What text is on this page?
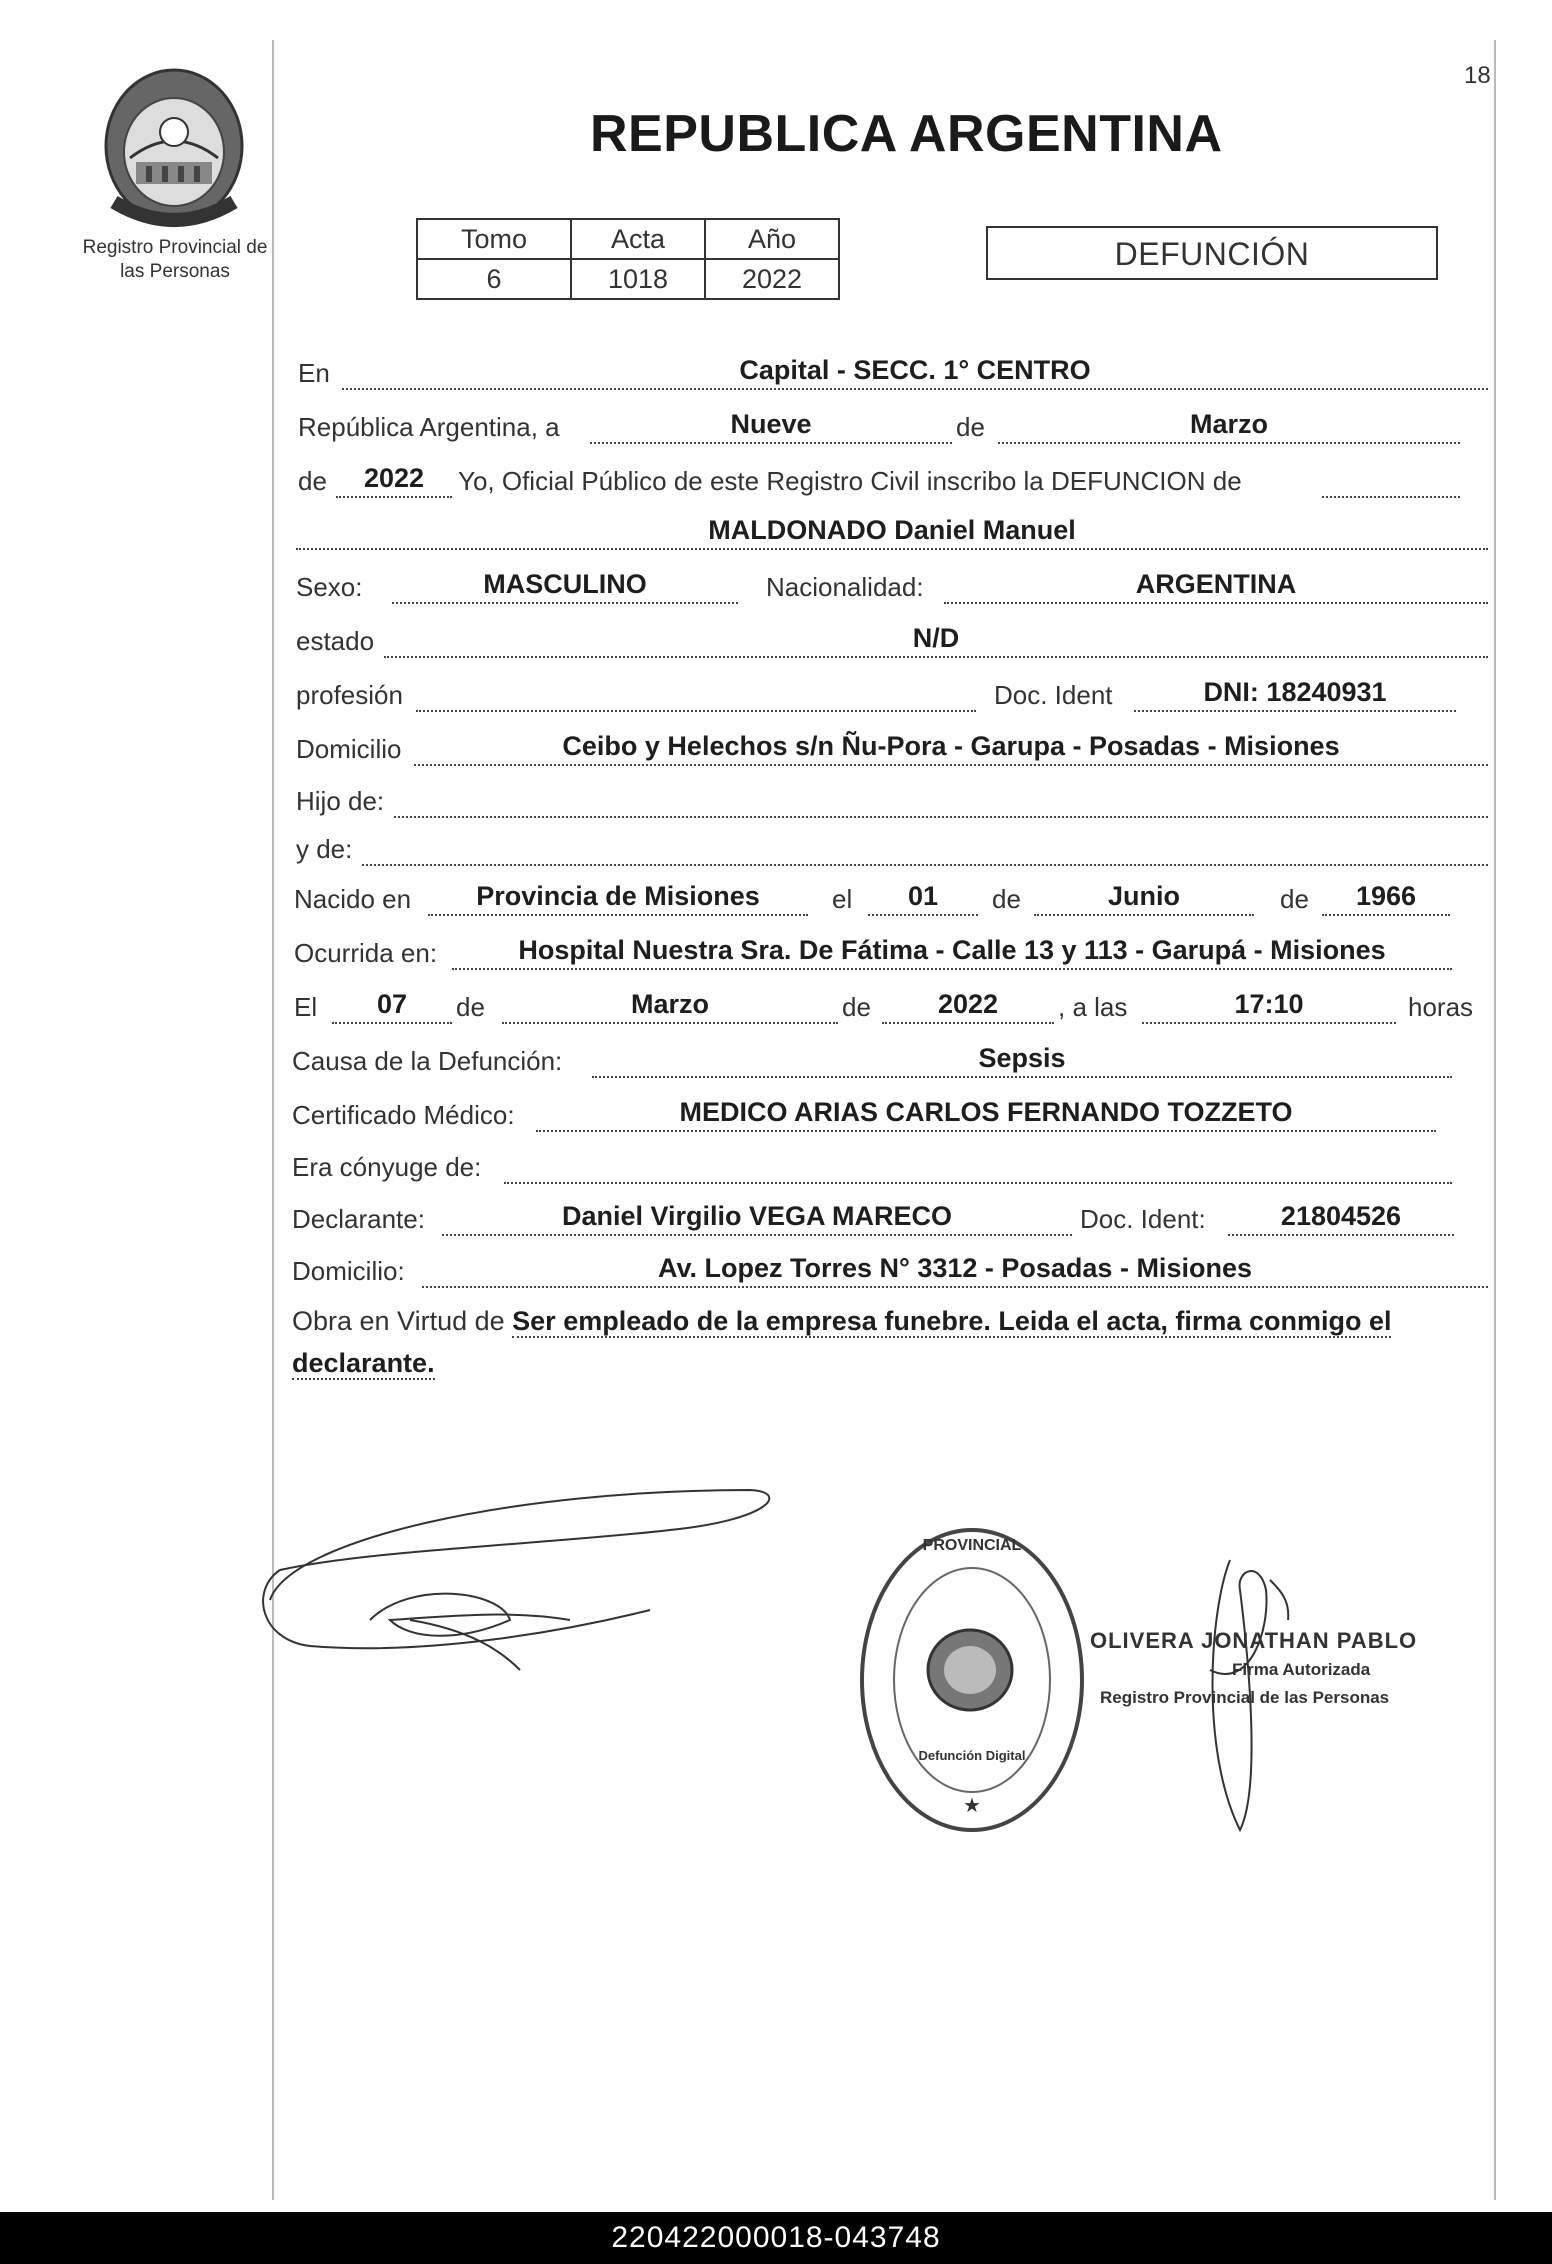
18
Registro Provincial de
las Personas
REPUBLICA ARGENTINA
Tomo	Acta	Año
6	1018	2022
DEFUNCIÓN
En	Capital - SECC. 1° CENTRO
República Argentina, a	Nueve	de	Marzo
de	2022	Yo, Oficial Público de este Registro Civil inscribo la DEFUNCION de
MALDONADO Daniel Manuel
Sexo:	MASCULINO	Nacionalidad:	ARGENTINA
estado	N/D
profesión	Doc. Ident	DNI: 18240931
Domicilio	Ceibo y Helechos s/n Ñu-Pora - Garupa - Posadas - Misiones
Hijo de:
y de:
Nacido en	Provincia de Misiones	el	01	de	Junio	de	1966
Ocurrida en:	Hospital Nuestra Sra. De Fátima - Calle 13 y 113 - Garupá - Misiones
El	07	de	Marzo	de	2022	, a las	17:10	horas
Causa de la Defunción:	Sepsis
Certificado Médico:	MEDICO ARIAS CARLOS FERNANDO TOZZETO
Era cónyuge de:
Declarante:	Daniel Virgilio VEGA MARECO	Doc. Ident:	21804526
Domicilio:	Av. Lopez Torres N° 3312 - Posadas - Misiones
Obra en Virtud de Ser empleado de la empresa funebre. Leida el acta, firma conmigo el declarante.
PROVINCIAL
Defunción Digital
★
OLIVERA JONATHAN PABLO
Firma Autorizada
Registro Provincial de las Personas
220422000018-043748
